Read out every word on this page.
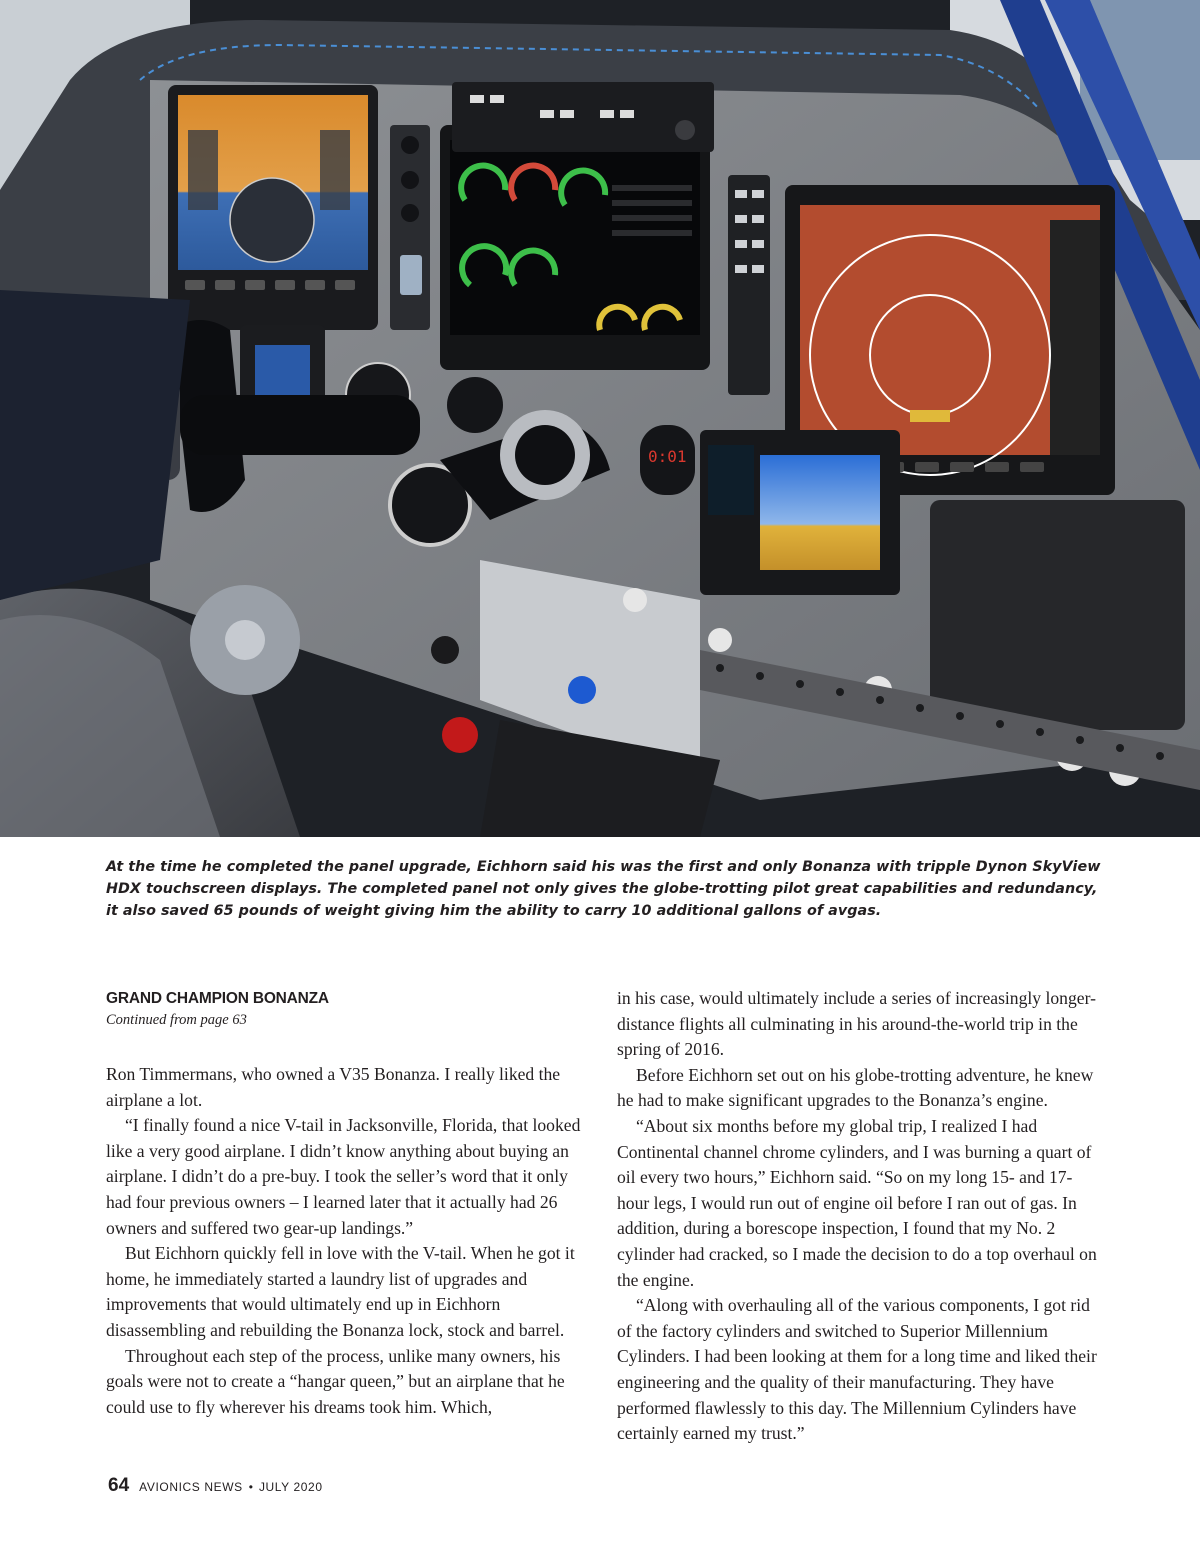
0:01
At the time he completed the panel upgrade, Eichhorn said his was the first and only Bonanza with tripple Dynon SkyView HDX touchscreen displays. The completed panel not only gives the globe-trotting pilot great capabilities and redundancy, it also saved 65 pounds of weight giving him the ability to carry 10 additional gallons of avgas.
GRAND CHAMPION BONANZA
Continued from page 63

Ron Timmermans, who owned a V35 Bonanza. I really liked the airplane a lot.

“I finally found a nice V-tail in Jacksonville, Florida, that looked like a very good airplane. I didn’t know anything about buying an airplane. I didn’t do a pre-buy. I took the seller’s word that it only had four previous owners – I learned later that it actually had 26 owners and suffered two gear-up landings.”

But Eichhorn quickly fell in love with the V-tail. When he got it home, he immediately started a laundry list of upgrades and improvements that would ultimately end up in Eichhorn disassembling and rebuilding the Bonanza lock, stock and barrel.

Throughout each step of the process, unlike many owners, his goals were not to create a “hangar queen,” but an airplane that he could use to fly wherever his dreams took him. Which,

in his case, would ultimately include a series of increasingly longer-distance flights all culminating in his around-the-world trip in the spring of 2016.

Before Eichhorn set out on his globe-trotting adventure, he knew he had to make significant upgrades to the Bonanza’s engine.

“About six months before my global trip, I realized I had Continental channel chrome cylinders, and I was burning a quart of oil every two hours,” Eichhorn said. “So on my long 15- and 17-hour legs, I would run out of engine oil before I ran out of gas. In addition, during a borescope inspection, I found that my No. 2 cylinder had cracked, so I made the decision to do a top overhaul on the engine.

“Along with overhauling all of the various components, I got rid of the factory cylinders and switched to Superior Millennium Cylinders. I had been looking at them for a long time and liked their engineering and the quality of their manufacturing. They have performed flawlessly to this day. The Millennium Cylinders have certainly earned my trust.”

64 AVIONICS NEWS • JULY 2020
